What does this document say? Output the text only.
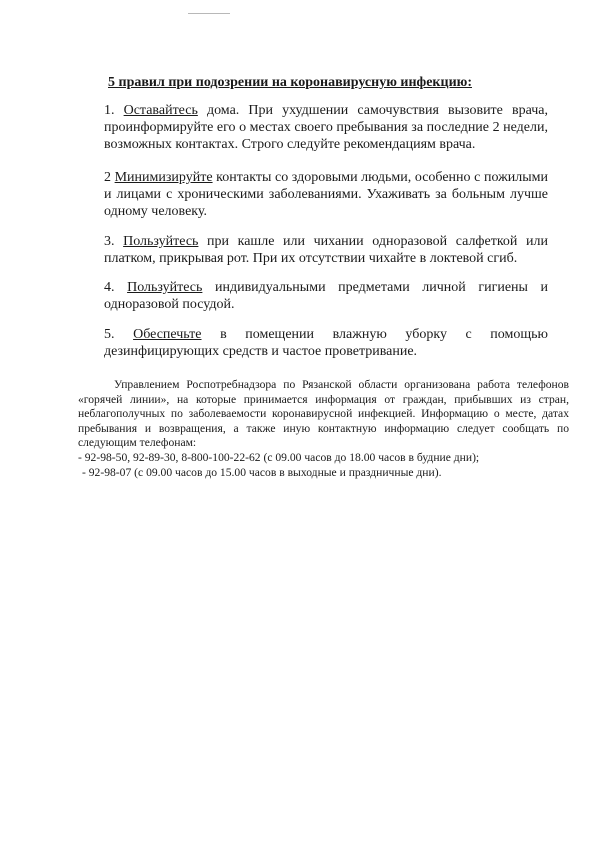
5 правил при подозрении на коронавирусную инфекцию:

1. Оставайтесь дома. При ухудшении самочувствия вызовите врача, проинформируйте его о местах своего пребывания за последние 2 недели, возможных контактах. Строго следуйте рекомендациям врача.

2 Минимизируйте контакты со здоровыми людьми, особенно с пожилыми и лицами с хроническими заболеваниями. Ухаживать за больным лучше одному человеку.

3. Пользуйтесь при кашле или чихании одноразовой салфеткой или платком, прикрывая рот. При их отсутствии чихайте в локтевой сгиб.

4. Пользуйтесь индивидуальными предметами личной гигиены и одноразовой посудой.

5. Обеспечьте в помещении влажную уборку с помощью дезинфицирующих средств и частое проветривание.

Управлением Роспотребнадзора по Рязанской области организована работа телефонов «горячей линии», на которые принимается информация от граждан, прибывших из стран, неблагополучных по заболеваемости коронавирусной инфекцией. Информацию о месте, датах пребывания и возвращения, а также иную контактную информацию следует сообщать по следующим телефонам:

- 92-98-50, 92-89-30, 8-800-100-22-62 (с 09.00 часов до 18.00 часов в будние дни);

- 92-98-07 (с 09.00 часов до 15.00 часов в выходные и праздничные дни).
